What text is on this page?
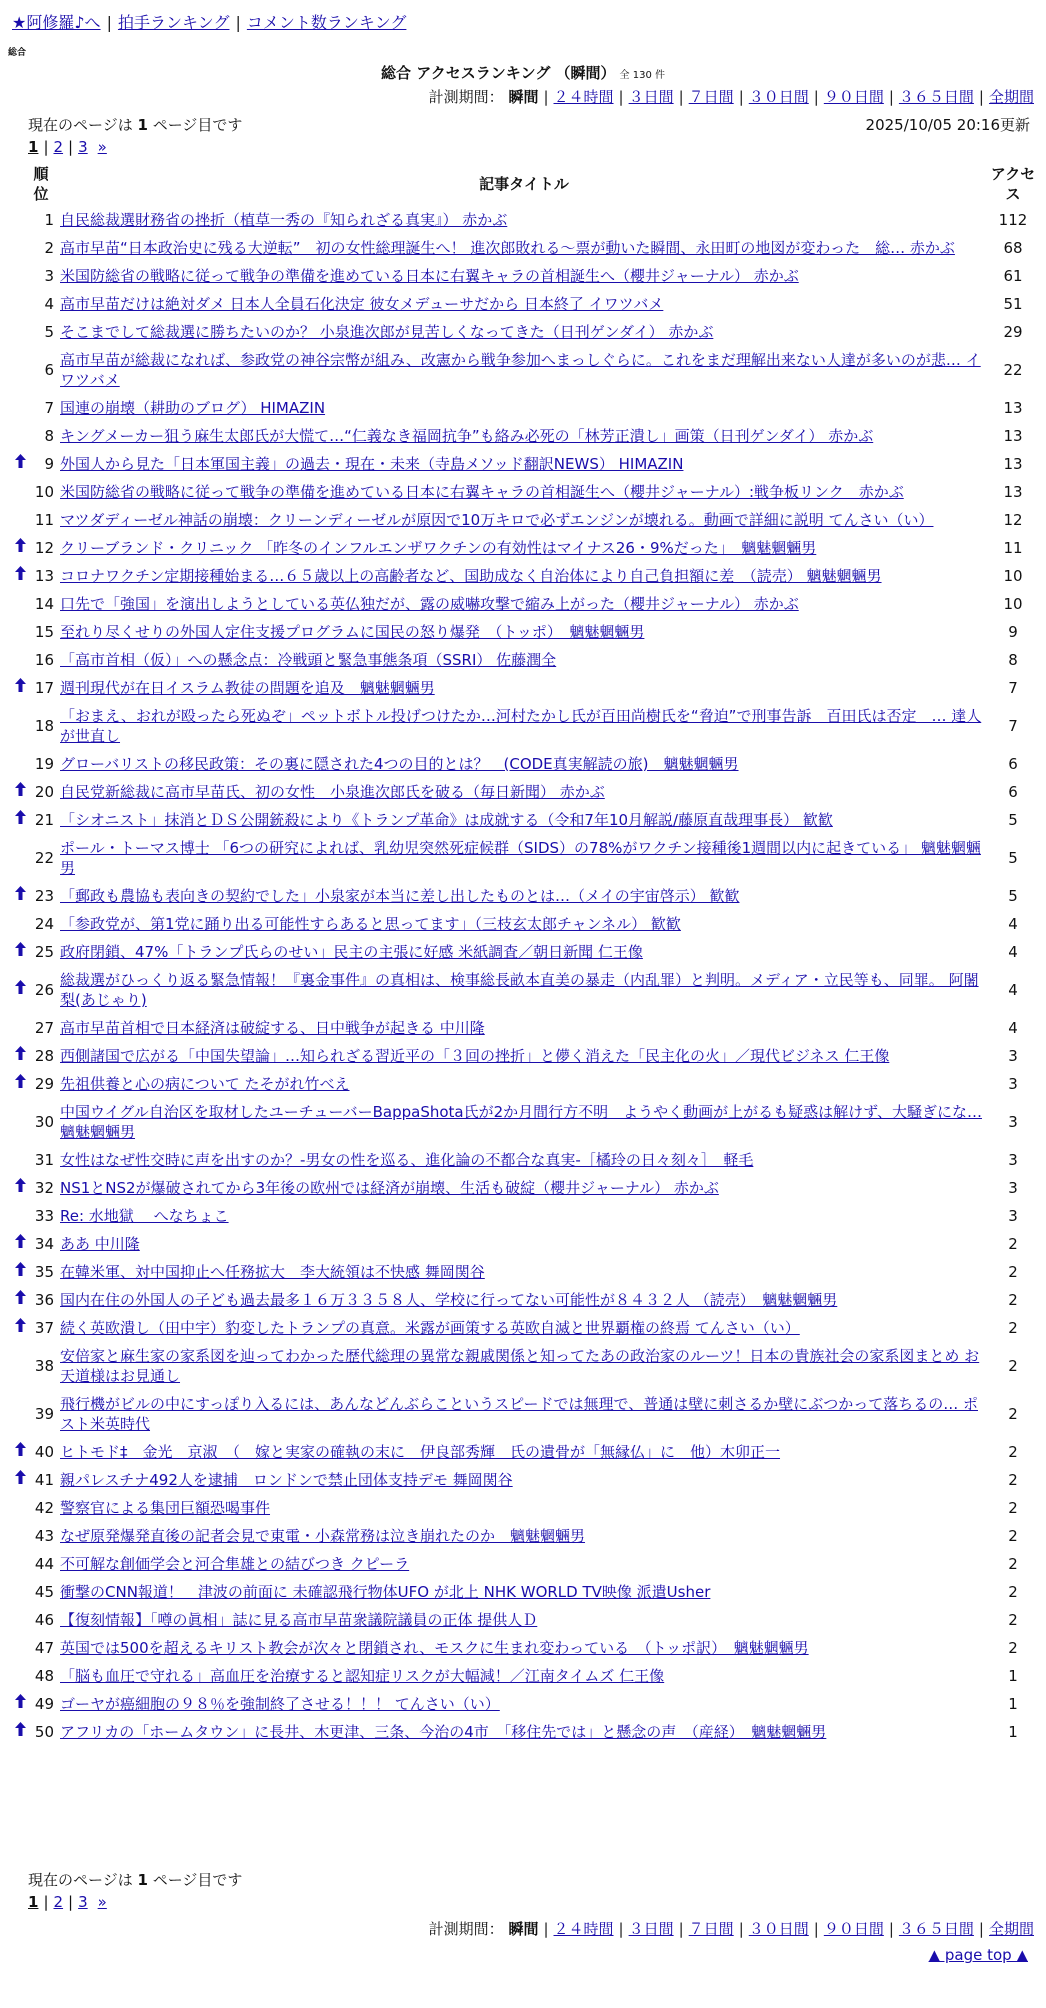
★阿修羅♪へ | 拍手ランキング | コメント数ランキング
総合
総合 アクセスランキング （瞬間） 全 130 件
計測期間： 瞬間 | ２４時間 | ３日間 | ７日間 | ３０日間 | ９０日間 | ３６５日間 | 全期間
現在のページは 1 ページ目です	2025/10/05 20:16更新
1 | 2 | 3 »
	順位	記事タイトル	アクセス
	1	自民総裁選財務省の挫折（植草一秀の『知られざる真実』） 赤かぶ	112
	2	高市早苗“日本政治史に残る大逆転”　初の女性総理誕生へ！ 進次郎敗れる～票が動いた瞬間、永田町の地図が変わった　総… 赤かぶ	68
	3	米国防総省の戦略に従って戦争の準備を進めている日本に右翼キャラの首相誕生へ（櫻井ジャーナル） 赤かぶ	61
	4	高市早苗だけは絶対ダメ 日本人全員石化決定 彼女メデューサだから 日本終了 イワツバメ	51
	5	そこまでして総裁選に勝ちたいのか？ 小泉進次郎が見苦しくなってきた（日刊ゲンダイ） 赤かぶ	29
	6	高市早苗が総裁になれば、参政党の神谷宗幣が組み、改憲から戦争参加へまっしぐらに。これをまだ理解出来ない人達が多いのが悲… イワツバメ	22
	7	国連の崩壊（耕助のブログ） HIMAZIN	13
	8	キングメーカー狙う麻生太郎氏が大慌て…“仁義なき福岡抗争”も絡み必死の「林芳正潰し」画策（日刊ゲンダイ） 赤かぶ	13
	9	外国人から見た「日本軍国主義」の過去・現在・未来（寺島メソッド翻訳NEWS） HIMAZIN	13
	10	米国防総省の戦略に従って戦争の準備を進めている日本に右翼キャラの首相誕生へ（櫻井ジャーナル）:戦争板リンク　赤かぶ	13
	11	マツダディーゼル神話の崩壊：クリーンディーゼルが原因で10万キロで必ずエンジンが壊れる。動画で詳細に説明 てんさい（い）	12
	12	クリーブランド・クリニック 「昨冬のインフルエンザワクチンの有効性はマイナス26・9%だった」　魑魅魍魎男	11
	13	コロナワクチン定期接種始まる…６５歳以上の高齢者など、国助成なく自治体により自己負担額に差　（読売） 魑魅魍魎男	10
	14	口先で「強国」を演出しようとしている英仏独だが、露の威嚇攻撃で縮み上がった（櫻井ジャーナル） 赤かぶ	10
	15	至れり尽くせりの外国人定住支援プログラムに国民の怒り爆発　（トッポ）　魑魅魍魎男	9
	16	「高市首相（仮）」への懸念点：冷戦頭と緊急事態条項（SSRI） 佐藤潤全	8
	17	週刊現代が在日イスラム教徒の問題を追及　魑魅魍魎男	7
	18	「おまえ、おれが殴ったら死ぬぞ」ペットボトル投げつけたか…河村たかし氏が百田尚樹氏を“脅迫”で刑事告訴　百田氏は否定　… 達人が世直し	7
	19	グローバリストの移民政策：その裏に隠された4つの目的とは？　(CODE真実解読の旅)　魑魅魍魎男	6
	20	自民党新総裁に高市早苗氏、初の女性　小泉進次郎氏を破る（毎日新聞） 赤かぶ	6
	21	「シオニスト」抹消とＤＳ公開銃殺により《トランプ革命》は成就する（令和7年10月解説/藤原直哉理事長） 歓歓	5
	22	ポール・トーマス博士 「6つの研究によれば、乳幼児突然死症候群（SIDS）の78%がワクチン接種後1週間以内に起きている」 魑魅魍魎男	5
	23	「郵政も農協も表向きの契約でした」小泉家が本当に差し出したものとは…（メイの宇宙啓示） 歓歓	5
	24	「参政党が、第1党に踊り出る可能性すらあると思ってます」（三枝玄太郎チャンネル） 歓歓	4
	25	政府閉鎖、47%「トランプ氏らのせい」民主の主張に好感 米紙調査／朝日新聞 仁王像	4
	26	総裁選がひっくり返る緊急情報！『裏金事件』の真相は、検事総長畝本直美の暴走（内乱罪）と判明。メディア・立民等も、同罪。 阿闍梨(あじゃり)	4
	27	高市早苗首相で日本経済は破綻する、日中戦争が起きる 中川隆	4
	28	西側諸国で広がる「中国失望論」…知られざる習近平の「３回の挫折」と儚く消えた「民主化の火」／現代ビジネス 仁王像	3
	29	先祖供養と心の病について たそがれ竹べえ	3
	30	中国ウイグル自治区を取材したユーチューバーBappaShota氏が2か月間行方不明　ようやく動画が上がるも疑惑は解けず、大騒ぎにな… 魑魅魍魎男	3
	31	女性はなぜ性交時に声を出すのか？-男女の性を巡る、進化論の不都合な真実-［橘玲の日々刻々］　軽毛	3
	32	NS1とNS2が爆破されてから3年後の欧州では経済が崩壊、生活も破綻（櫻井ジャーナル） 赤かぶ	3
	33	Re: 水地獄　 へなちょこ	3
	34	ああ 中川隆	2
	35	在韓米軍、対中国抑止へ任務拡大　李大統領は不快感 舞岡関谷	2
	36	国内在住の外国人の子ども過去最多１６万３３５８人、学校に行ってない可能性が８４３２人 （読売）　魑魅魍魎男	2
	37	続く英欧潰し（田中宇）豹変したトランプの真意。米露が画策する英欧自滅と世界覇権の終焉 てんさい（い）	2
	38	安倍家と麻生家の家系図を辿ってわかった歴代総理の異常な親戚関係と知ってたあの政治家のルーツ！日本の貴族社会の家系図まとめ お天道様はお見通し	2
	39	飛行機がビルの中にすっぽり入るには、あんなどんぶらこというスピードでは無理で、普通は壁に刺さるか壁にぶつかって落ちるの… ポスト米英時代	2
	40	ヒトモド‡　金光　京淑　（　嫁と実家の確執の末に　伊良部秀輝　氏の遺骨が「無縁仏」に　他）木卯正一	2
	41	親パレスチナ492人を逮捕　ロンドンで禁止団体支持デモ 舞岡関谷	2
	42	警察官による集団巨額恐喝事件	2
	43	なぜ原発爆発直後の記者会見で東電・小森常務は泣き崩れたのか　魑魅魍魎男	2
	44	不可解な創価学会と河合隼雄との結びつき クピーラ	2
	45	衝撃のCNN報道！　津波の前面に 未確認飛行物体UFO が北上 NHK WORLD TV映像 派遣Usher	2
	46	【復刻情報】「噂の眞相」誌に見る高市早苗衆議院議員の正体 提供人Ｄ	2
	47	英国では500を超えるキリスト教会が次々と閉鎖され、モスクに生まれ変わっている　（トッポ訳）　魑魅魍魎男	2
	48	「脳も血圧で守れる」高血圧を治療すると認知症リスクが大幅減！／江南タイムズ 仁王像	1
	49	ゴーヤが癌細胞の９８％を強制終了させる！！！ てんさい（い）	1
	50	アフリカの「ホームタウン」に長井、木更津、三条、今治の4市　「移住先では」と懸念の声　（産経）　魑魅魍魎男	1
現在のページは 1 ページ目です
1 | 2 | 3 »
計測期間： 瞬間 | ２４時間 | ３日間 | ７日間 | ３０日間 | ９０日間 | ３６５日間 | 全期間
▲ page top ▲
